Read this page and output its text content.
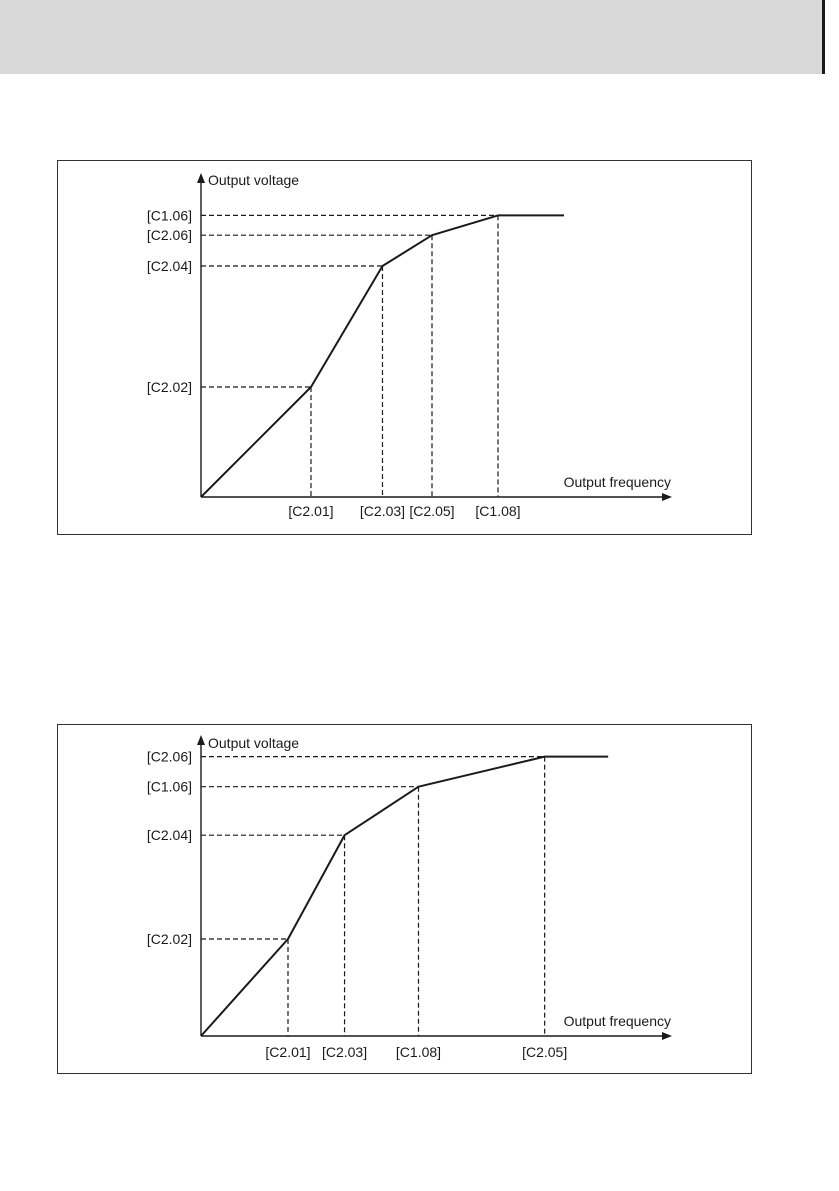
Output voltage
Output frequency
[C2.02]
[C2.01]
[C2.04]
[C2.03]
[C2.06]
[C2.05]
[C1.06]
[C1.08]
Output voltage
Output frequency
[C2.02]
[C2.01]
[C2.04]
[C2.03]
[C1.06]
[C1.08]
[C2.06]
[C2.05]
